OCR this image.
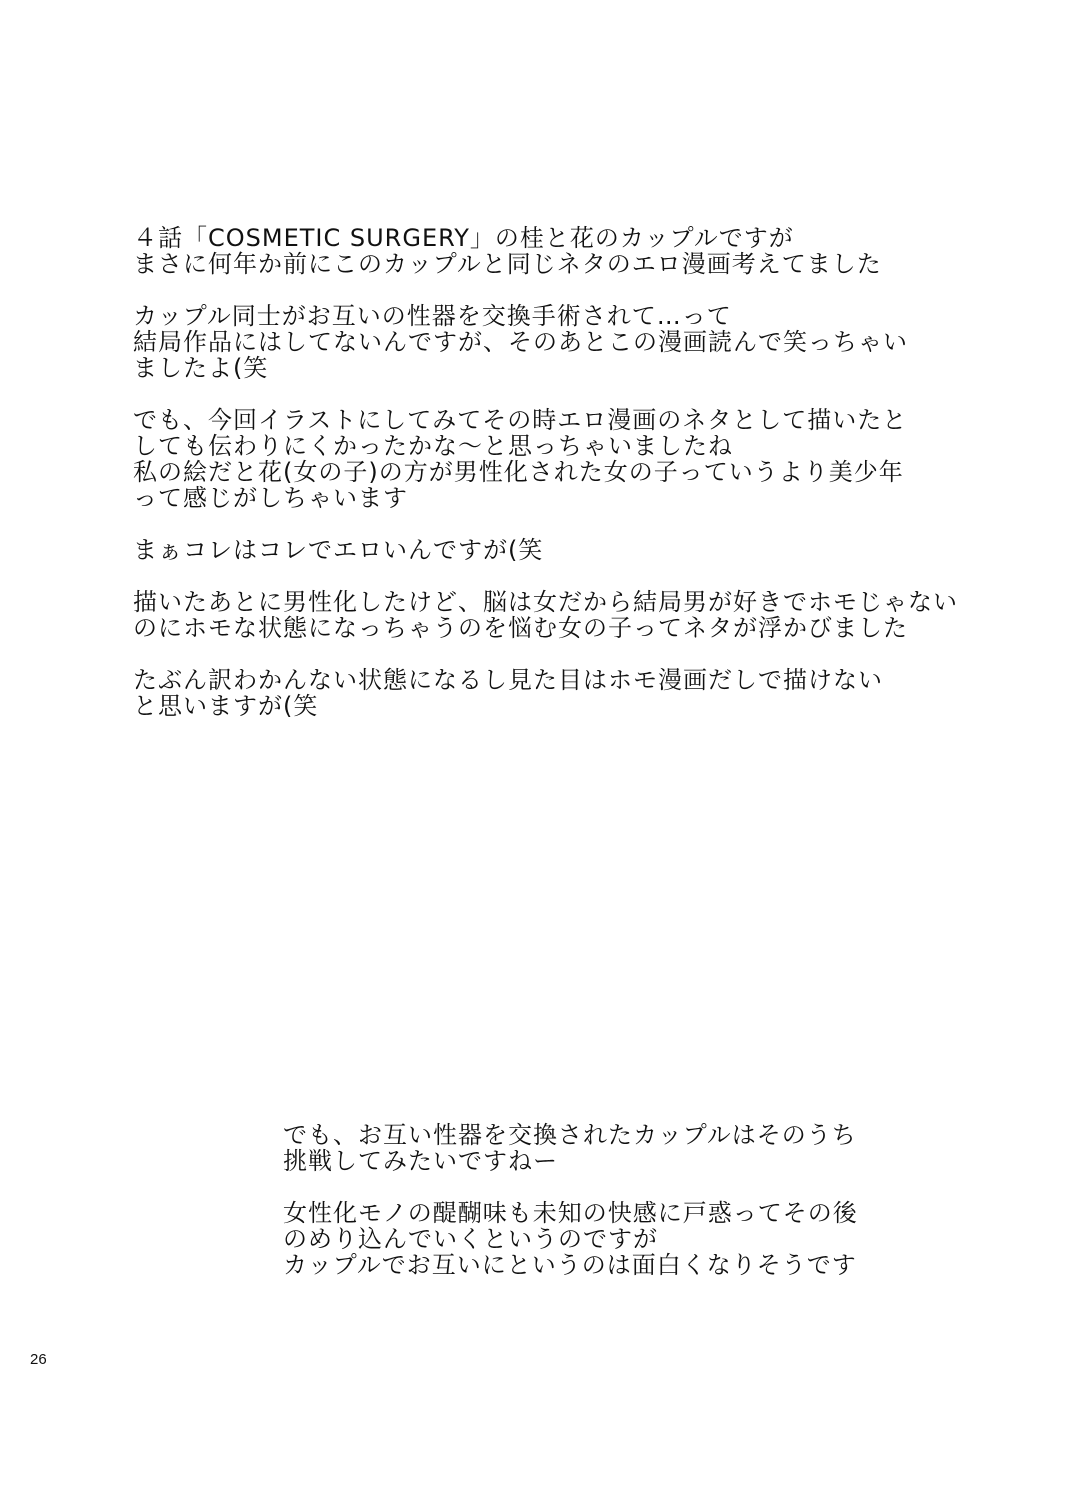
４話「COSMETIC SURGERY」の桂と花のカップルですが
まさに何年か前にこのカップルと同じネタのエロ漫画考えてました
カップル同士がお互いの性器を交換手術されて…って
結局作品にはしてないんですが、そのあとこの漫画読んで笑っちゃい
ましたよ(笑
でも、今回イラストにしてみてその時エロ漫画のネタとして描いたと
しても伝わりにくかったかな～と思っちゃいましたね
私の絵だと花(女の子)の方が男性化された女の子っていうより美少年
って感じがしちゃいます
まぁコレはコレでエロいんですが(笑
描いたあとに男性化したけど、脳は女だから結局男が好きでホモじゃない
のにホモな状態になっちゃうのを悩む女の子ってネタが浮かびました
たぶん訳わかんない状態になるし見た目はホモ漫画だしで描けない
と思いますが(笑
でも、お互い性器を交換されたカップルはそのうち
挑戦してみたいですねー
女性化モノの醍醐味も未知の快感に戸惑ってその後
のめり込んでいくというのですが
カップルでお互いにというのは面白くなりそうです
26
